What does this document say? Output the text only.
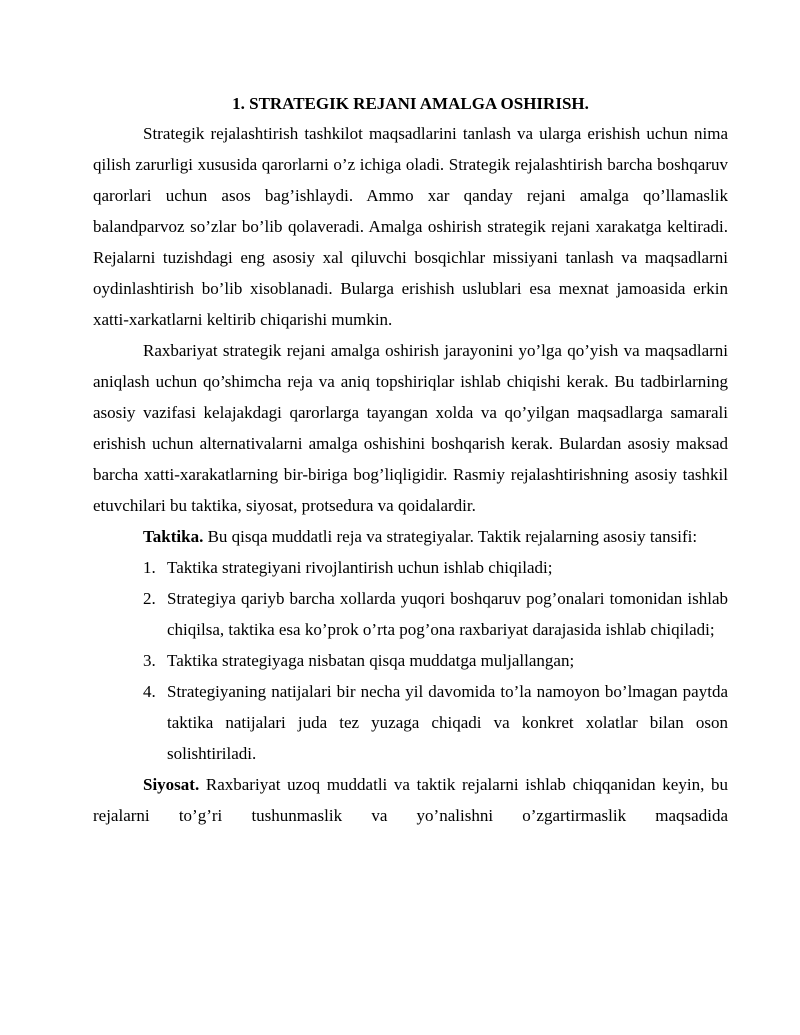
1. STRATEGIK REJANI AMALGA OSHIRISH.

Strategik rejalashtirish tashkilot maqsadlarini tanlash va ularga erishish uchun nima qilish zarurligi xususida qarorlarni o’z ichiga oladi. Strategik rejalashtirish barcha boshqaruv qarorlari uchun asos bag’ishlaydi. Ammo xar qanday rejani amalga qo’llamaslik balandparvoz so’zlar bo’lib qolaveradi. Amalga oshirish strategik rejani xarakatga keltiradi. Rejalarni tuzishdagi eng asosiy xal qiluvchi bosqichlar missiyani tanlash va maqsadlarni oydinlashtirish bo’lib xisoblanadi. Bularga erishish uslublari esa mexnat jamoasida erkin xatti-xarkatlarni keltirib chiqarishi mumkin.

Raxbariyat strategik rejani amalga oshirish jarayonini yo’lga qo’yish va maqsadlarni aniqlash uchun qo’shimcha reja va aniq topshiriqlar ishlab chiqishi kerak. Bu tadbirlarning asosiy vazifasi kelajakdagi qarorlarga tayangan xolda va qo’yilgan maqsadlarga samarali erishish uchun alternativalarni amalga oshishini boshqarish kerak. Bulardan asosiy maksad barcha xatti-xarakatlarning bir-biriga bog’liqligidir. Rasmiy rejalashtirishning asosiy tashkil etuvchilari bu taktika, siyosat, protsedura va qoidalardir.

Taktika. Bu qisqa muddatli reja va strategiyalar. Taktik rejalarning asosiy tansifi:

1. Taktika strategiyani rivojlantirish uchun ishlab chiqiladi;
2. Strategiya qariyb barcha xollarda yuqori boshqaruv pog’onalari tomonidan ishlab chiqilsa, taktika esa ko’prok o’rta pog’ona raxbariyat darajasida ishlab chiqiladi;
3. Taktika strategiyaga nisbatan qisqa muddatga muljallangan;
4. Strategiyaning natijalari bir necha yil davomida to’la namoyon bo’lmagan paytda taktika natijalari juda tez yuzaga chiqadi va konkret xolatlar bilan oson solishtiriladi.

Siyosat. Raxbariyat uzoq muddatli va taktik rejalarni ishlab chiqqanidan keyin, bu rejalarni to’g’ri tushunmaslik va yo’nalishni o’zgartirmaslik maqsadida
